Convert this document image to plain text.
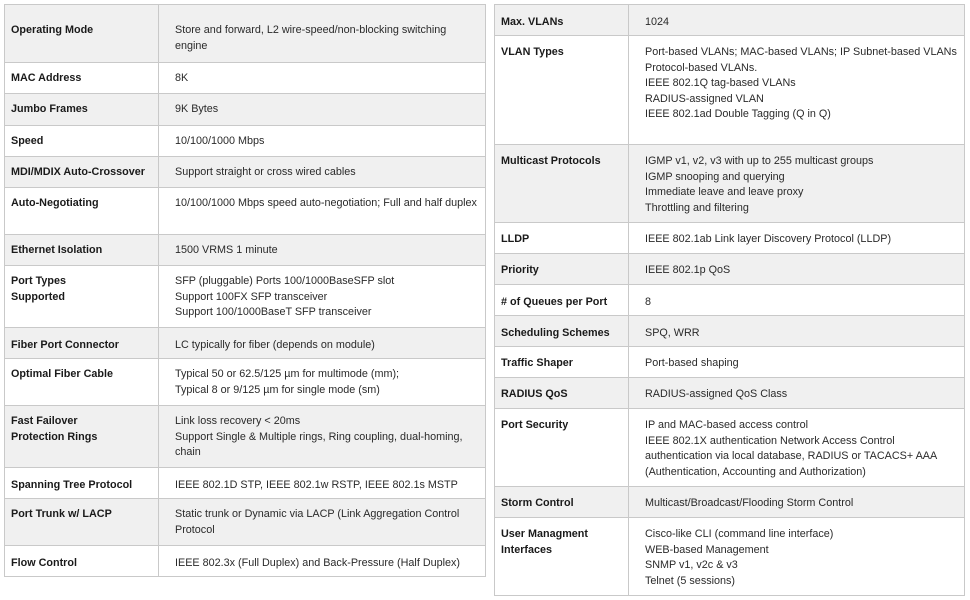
Operating Mode	Store and forward, L2 wire-speed/non-blocking switching engine

MAC Address	8K

Jumbo Frames	9K Bytes

Speed	10/100/1000 Mbps

MDI/MDIX Auto-Crossover	Support straight or cross wired cables

Auto-Negotiating	10/100/1000 Mbps speed auto-negotiation; Full and half duplex

Ethernet Isolation	1500 VRMS 1 minute

Port Types
Supported	SFP (pluggable) Ports 100/1000BaseSFP slot
Support 100FX SFP transceiver
Support 100/1000BaseT SFP transceiver

Fiber Port Connector	LC typically for fiber (depends on module)

Optimal Fiber Cable	Typical 50 or 62.5/125 µm for multimode (mm);
Typical 8 or 9/125 µm for single mode (sm)

Fast Failover
Protection Rings	Link loss recovery < 20ms
Support Single & Multiple rings, Ring coupling, dual-homing, chain

Spanning Tree Protocol	IEEE 802.1D STP, IEEE 802.1w RSTP, IEEE 802.1s MSTP

Port Trunk w/ LACP	Static trunk or Dynamic via LACP (Link Aggregation Control Protocol

Flow Control	IEEE 802.3x (Full Duplex) and Back-Pressure (Half Duplex)
Max. VLANs	1024

VLAN Types	Port-based VLANs; MAC-based VLANs; IP Subnet-based VLANs
Protocol-based VLANs.
IEEE 802.1Q tag-based VLANs
RADIUS-assigned VLAN
IEEE 802.1ad Double Tagging (Q in Q)

Multicast Protocols	IGMP v1, v2, v3 with up to 255 multicast groups
IGMP snooping and querying
Immediate leave and leave proxy
Throttling and filtering

LLDP	IEEE 802.1ab Link layer Discovery Protocol (LLDP)

Priority	IEEE 802.1p QoS

# of Queues per Port	8

Scheduling Schemes	SPQ, WRR

Traffic Shaper	Port-based shaping

RADIUS QoS	RADIUS-assigned QoS Class

Port Security	IP and MAC-based access control
IEEE 802.1X authentication Network Access Control authentication via local database, RADIUS or TACACS+ AAA (Authentication, Accounting and Authorization)

Storm Control	Multicast/Broadcast/Flooding Storm Control

User Managment
Interfaces	Cisco-like CLI (command line interface)
WEB-based Management
SNMP v1, v2c & v3
Telnet (5 sessions)
